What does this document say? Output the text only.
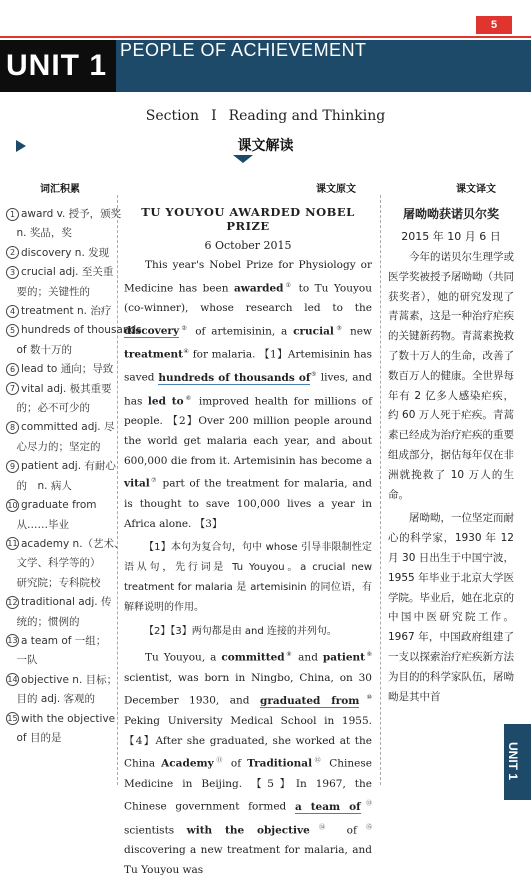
5
UNIT 1 PEOPLE OF ACHIEVEMENT
Section Ⅰ Reading and Thinking
课文解读
词汇积累	课文原文	课文译文
1 award v. 授予，颁奖
 n. 奖品，奖
2 discovery n. 发现
3 crucial adj. 至关重
 要的；关键性的
4 treatment n. 治疗
5 hundreds of thousands
 of 数十万的
6 lead to 通向；导致
7 vital adj. 极其重要
 的；必不可少的
8 committed adj. 尽
 心尽力的；坚定的
9 patient adj. 有耐心
 的　n. 病人
10 graduate from
 从……毕业
11 academy n.（艺术、
 文学、科学等的）
 研究院；专科院校
12 traditional adj. 传
 统的；惯例的
13 a team of 一组；
 一队
14 objective n. 目标；
 目的 adj. 客观的
15 with the objective
 of 目的是
TU YOUYOU AWARDED NOBEL PRIZE
6 October 2015

This year's Nobel Prize for Physiology or Medicine has been awarded① to Tu Youyou (co-winner), whose research led to the discovery② of artemisinin, a crucial③ new treatment④ for malaria. 【1】Artemisinin has saved hundreds of thousands of⑤ lives, and has led to⑥ improved health for millions of people. 【2】Over 200 million people around the world get malaria each year, and about 600,000 die from it. Artemisinin has become a vital⑦ part of the treatment for malaria, and is thought to save 100,000 lives a year in Africa alone. 【3】

【1】本句为复合句，句中 whose 引导非限制性定语从句，先行词是 Tu Youyou。a crucial new treatment for malaria 是 artemisinin 的同位语，有解释说明的作用。

【2】【3】两句都是由 and 连接的并列句。

Tu Youyou, a committed⑧ and patient⑨ scientist, was born in Ningbo, China, on 30 December 1930, and graduated from⑩ Peking University Medical School in 1955. 【4】After she graduated, she worked at the China Academy⑪ of Traditional⑫ Chinese Medicine in Beijing. 【5】In 1967, the Chinese government formed a team of⑬ scientists with the objective⑭ of⑮ discovering a new treatment for malaria, and Tu Youyou was

屠呦呦获诺贝尔奖
2015 年 10 月 6 日

今年的诺贝尔生理学或医学奖被授予屠呦呦（共同获奖者），她的研究发现了青蒿素，这是一种治疗疟疾的关键新药物。青蒿素挽救了数十万人的生命，改善了数百万人的健康。全世界每年有 2 亿多人感染疟疾，约 60 万人死于疟疾。青蒿素已经成为治疗疟疾的重要组成部分，据估每年仅在非洲就挽救了 10 万人的生命。

屠呦呦，一位坚定而耐心的科学家，1930 年 12 月 30 日出生于中国宁波，1955 年毕业于北京大学医学院。毕业后，她在北京的中国中医研究院工作。1967 年，中国政府组建了一支以探索治疗疟疾新方法为目的的科学家队伍，屠呦呦是其中首

UNIT 1
